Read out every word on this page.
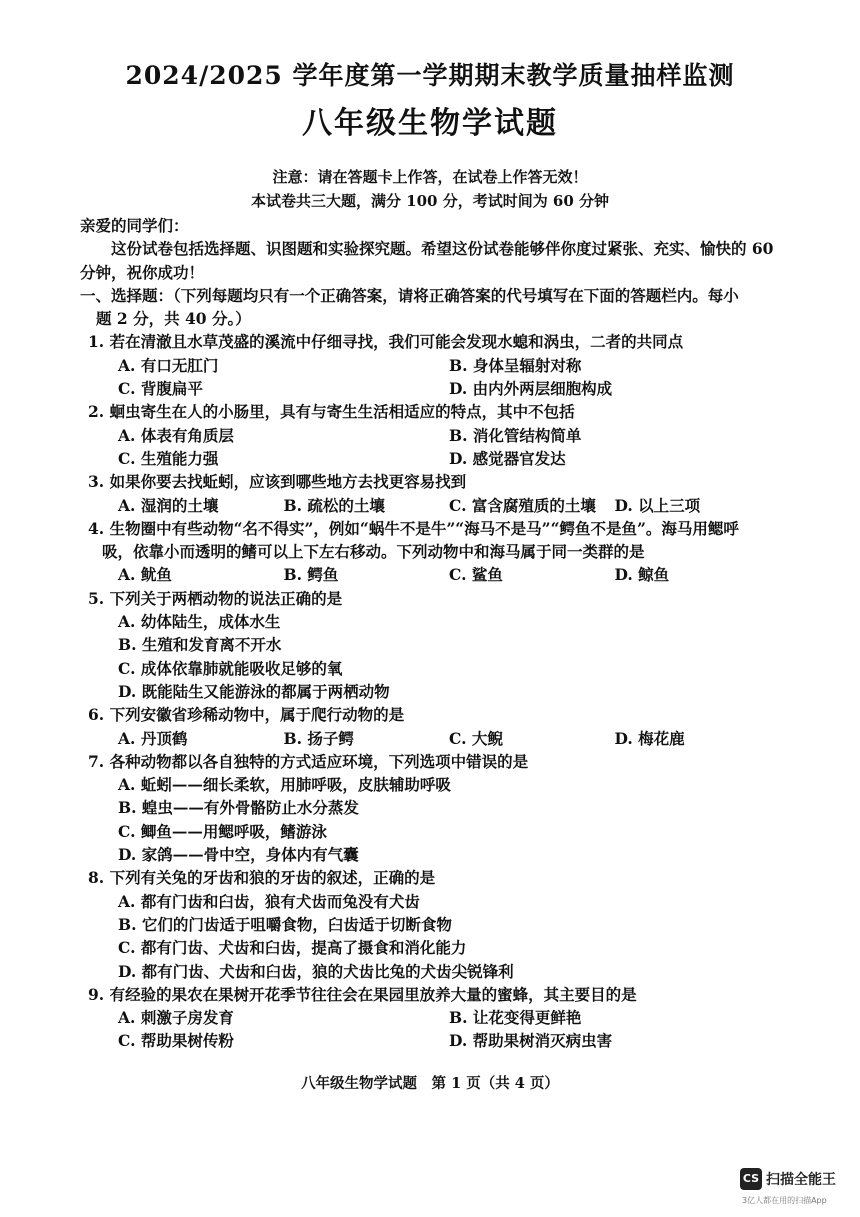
2024/2025 学年度第一学期期末教学质量抽样监测
八年级生物学试题
注意：请在答题卡上作答，在试卷上作答无效！
本试卷共三大题，满分 100 分，考试时间为 60 分钟
亲爱的同学们：
这份试卷包括选择题、识图题和实验探究题。希望这份试卷能够伴你度过紧张、充实、愉快的 60 分钟，祝你成功！
一、选择题：（下列每题均只有一个正确答案，请将正确答案的代号填写在下面的答题栏内。每小
题 2 分，共 40 分。）
1. 若在清澈且水草茂盛的溪流中仔细寻找，我们可能会发现水螅和涡虫，二者的共同点
A. 有口无肛门	B. 身体呈辐射对称
C. 背腹扁平	D. 由内外两层细胞构成
2. 蛔虫寄生在人的小肠里，具有与寄生生活相适应的特点，其中不包括
A. 体表有角质层	B. 消化管结构简单
C. 生殖能力强	D. 感觉器官发达
3. 如果你要去找蚯蚓，应该到哪些地方去找更容易找到
A. 湿润的土壤	B. 疏松的土壤	C. 富含腐殖质的土壤	D. 以上三项
4. 生物圈中有些动物“名不得实”，例如“蜗牛不是牛”“海马不是马”“鳄鱼不是鱼”。海马用鳃呼
吸，依靠小而透明的鳍可以上下左右移动。下列动物中和海马属于同一类群的是
A. 鱿鱼	B. 鳄鱼	C. 鲨鱼	D. 鲸鱼
5. 下列关于两栖动物的说法正确的是
A. 幼体陆生，成体水生
B. 生殖和发育离不开水
C. 成体依靠肺就能吸收足够的氧
D. 既能陆生又能游泳的都属于两栖动物
6. 下列安徽省珍稀动物中，属于爬行动物的是
A. 丹顶鹤	B. 扬子鳄	C. 大鲵	D. 梅花鹿
7. 各种动物都以各自独特的方式适应环境，下列选项中错误的是
A. 蚯蚓——细长柔软，用肺呼吸，皮肤辅助呼吸
B. 蝗虫——有外骨骼防止水分蒸发
C. 鲫鱼——用鳃呼吸，鳍游泳
D. 家鸽——骨中空，身体内有气囊
8. 下列有关兔的牙齿和狼的牙齿的叙述，正确的是
A. 都有门齿和臼齿，狼有犬齿而兔没有犬齿
B. 它们的门齿适于咀嚼食物，臼齿适于切断食物
C. 都有门齿、犬齿和臼齿，提高了摄食和消化能力
D. 都有门齿、犬齿和臼齿，狼的犬齿比兔的犬齿尖锐锋利
9. 有经验的果农在果树开花季节往往会在果园里放养大量的蜜蜂，其主要目的是
A. 刺激子房发育	B. 让花变得更鲜艳
C. 帮助果树传粉	D. 帮助果树消灭病虫害
八年级生物学试题　第 1 页（共 4 页）
CS 扫描全能王
3亿人都在用的扫描App
